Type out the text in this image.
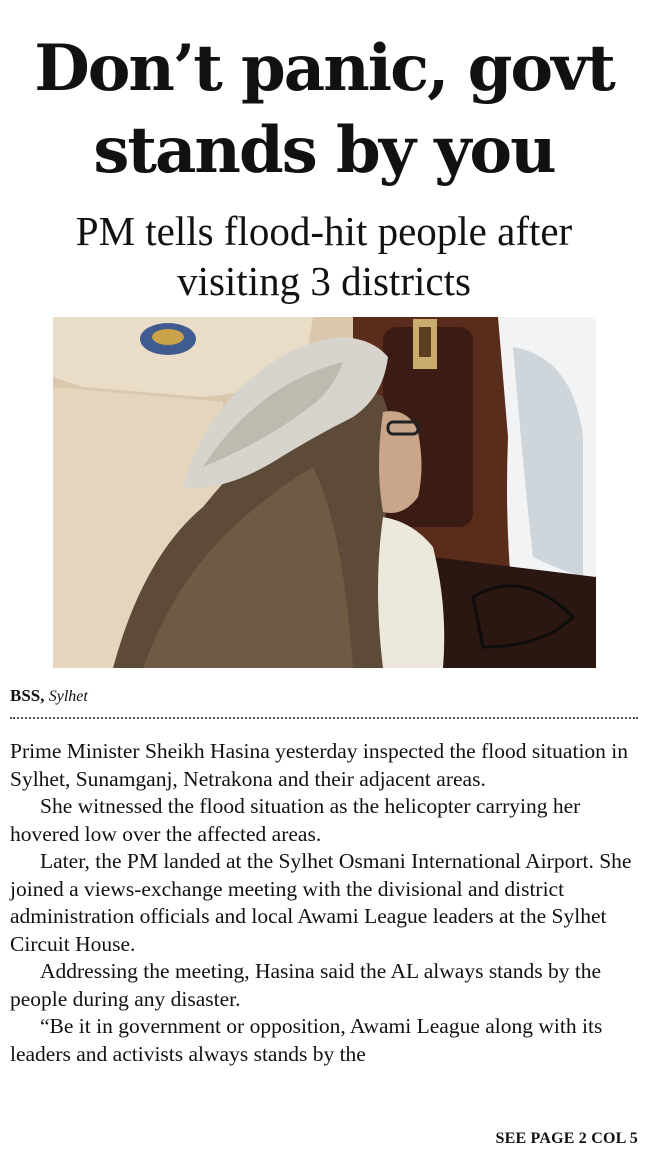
Don’t panic, govt
stands by you
PM tells flood-hit people after
visiting 3 districts
BSS, Sylhet

Prime Minister Sheikh Hasina yesterday inspected the flood situation in Sylhet, Sunamganj, Netrakona and their adjacent areas.

She witnessed the flood situation as the helicopter carrying her hovered low over the affected areas.

Later, the PM landed at the Sylhet Osmani International Airport. She joined a views-exchange meeting with the divisional and district administration officials and local Awami League leaders at the Sylhet Circuit House.

Addressing the meeting, Hasina said the AL always stands by the people during any disaster.

“Be it in government or opposition, Awami League along with its leaders and activists always stands by the

SEE PAGE 2 COL 5
